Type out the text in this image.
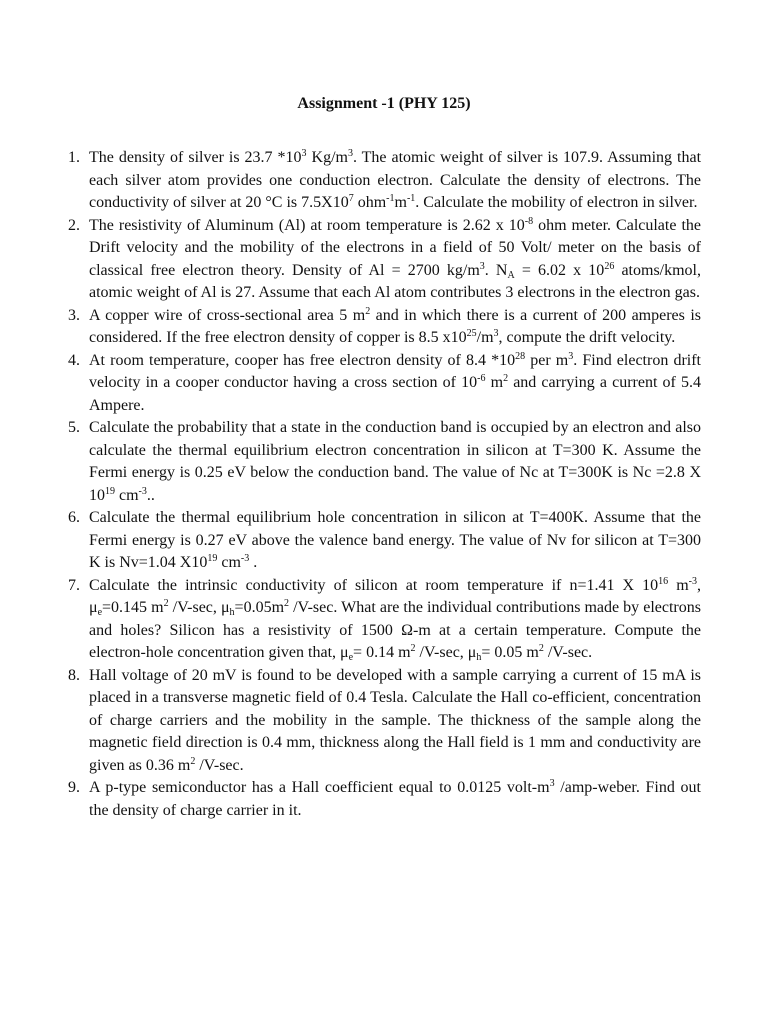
Assignment -1 (PHY 125)
1. The density of silver is 23.7 $*10^3$ $Kg/m^3$. The atomic weight of silver is 107.9. Assuming that each silver atom provides one conduction electron. Calculate the density of electrons. The conductivity of silver at 20 °C is $7.5X10^7$ $ohm^{-1}m^{-1}$. Calculate the mobility of electron in silver.
2. The resistivity of Aluminum (Al) at room temperature is 2.62 x $10^{-8}$ ohm meter. Calculate the Drift velocity and the mobility of the electrons in a field of 50 Volt/ meter on the basis of classical free electron theory. Density of Al = 2700 $kg/m^3$. $N_A = 6.02$ x $10^{26}$ atoms/kmol, atomic weight of Al is 27. Assume that each Al atom contributes 3 electrons in the electron gas.
3. A copper wire of cross-sectional area 5 $m^2$ and in which there is a current of 200 amperes is considered. If the free electron density of copper is 8.5 $x10^{25}/m^3$, compute the drift velocity.
4. At room temperature, cooper has free electron density of 8.4 $*10^{28}$ per $m^3$. Find electron drift velocity in a cooper conductor having a cross section of $10^{-6}$ $m^2$ and carrying a current of 5.4 Ampere.
5. Calculate the probability that a state in the conduction band is occupied by an electron and also calculate the thermal equilibrium electron concentration in silicon at T=300 K. Assume the Fermi energy is 0.25 eV below the conduction band. The value of Nc at T=300K is Nc =2.8 X $10^{19}$ $cm^{-3}$..
6. Calculate the thermal equilibrium hole concentration in silicon at T=400K. Assume that the Fermi energy is 0.27 eV above the valence band energy. The value of Nv for silicon at T=300 K is Nv=1.04 $X10^{19}$ $cm^{-3}$ .
7. Calculate the intrinsic conductivity of silicon at room temperature if n=1.41 X $10^{16}$ $m^{-3}$, $\mu_e=0.145$ $m^2$ /V-sec, $\mu_h=0.05m^2$ /V-sec. What are the individual contributions made by electrons and holes? Silicon has a resistivity of 1500 Ω-m at a certain temperature. Compute the electron-hole concentration given that, $\mu_e= 0.14$ $m^2$ /V-sec, $\mu_h= 0.05$ $m^2$ /V-sec.
8. Hall voltage of 20 mV is found to be developed with a sample carrying a current of 15 mA is placed in a transverse magnetic field of 0.4 Tesla. Calculate the Hall co-efficient, concentration of charge carriers and the mobility in the sample. The thickness of the sample along the magnetic field direction is 0.4 mm, thickness along the Hall field is 1 mm and conductivity are given as 0.36 $m^2$ /V-sec.
9. A p-type semiconductor has a Hall coefficient equal to 0.0125 volt-$m^3$ /amp-weber. Find out the density of charge carrier in it.
